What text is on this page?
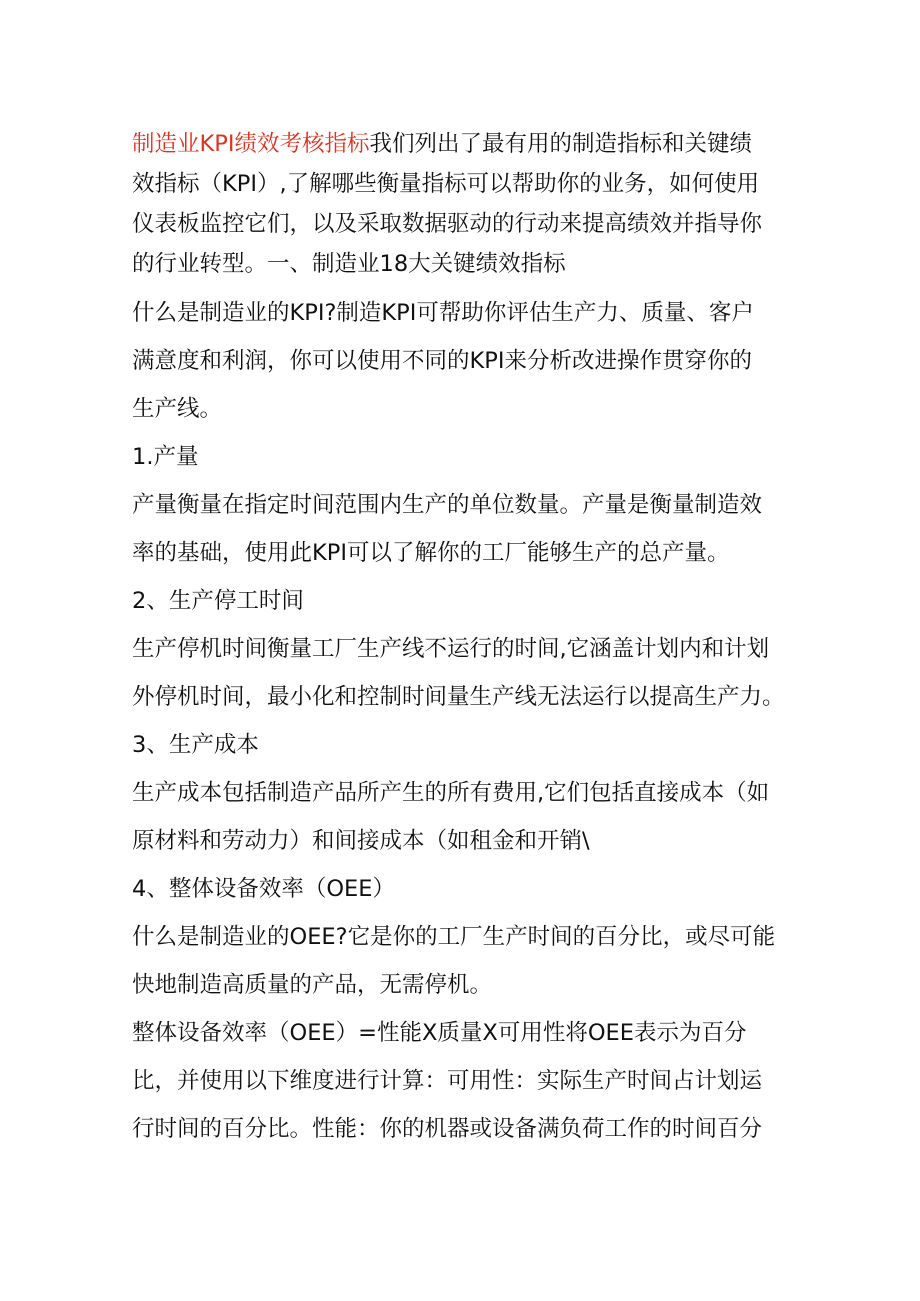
制造业KPI绩效考核指标我们列出了最有用的制造指标和关键绩
效指标（KPI）,了解哪些衡量指标可以帮助你的业务，如何使用
仪表板监控它们，以及采取数据驱动的行动来提高绩效并指导你
的行业转型。一、制造业18大关键绩效指标
什么是制造业的KPI?制造KPI可帮助你评估生产力、质量、客户
满意度和利润，你可以使用不同的KPI来分析改进操作贯穿你的
生产线。
1.产量
产量衡量在指定时间范围内生产的单位数量。产量是衡量制造效
率的基础，使用此KPI可以了解你的工厂能够生产的总产量。
2、生产停工时间
生产停机时间衡量工厂生产线不运行的时间,它涵盖计划内和计划
外停机时间，最小化和控制时间量生产线无法运行以提高生产力。
3、生产成本
生产成本包括制造产品所产生的所有费用,它们包括直接成本（如
原材料和劳动力）和间接成本（如租金和开销\
4、整体设备效率（OEE）
什么是制造业的OEE?它是你的工厂生产时间的百分比，或尽可能
快地制造高质量的产品，无需停机。
整体设备效率（OEE）=性能X质量X可用性将OEE表示为百分
比，并使用以下维度进行计算：可用性：实际生产时间占计划运
行时间的百分比。性能：你的机器或设备满负荷工作的时间百分
